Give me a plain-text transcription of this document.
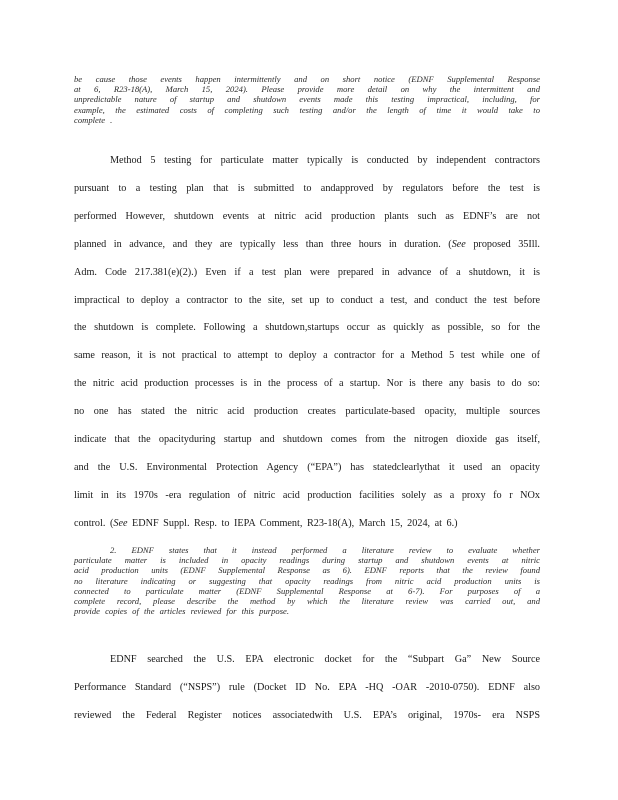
be cause those events happen intermittently and on short notice (EDNF Supplemental Response
at 6, R23-18(A), March 15, 2024). Please provide more detail on why the intermittent and
unpredictable nature of startup and shutdown events made this testing impractical, including, for
example, the estimated costs of completing such testing and/or the length of time it would take to
complete .
Method 5 testing for particulate matter typically is conducted by independent contractors
pursuant to a testing plan that is submitted to andapproved by regulators before the test is
performed However, shutdown events at nitric acid production plants such as EDNF’s are not
planned in advance, and they are typically less than three hours in duration. (See proposed 35Ill.
Adm. Code 217.381(e)(2).) Even if a test plan were prepared in advance of a shutdown, it is
impractical to deploy a contractor to the site, set up to conduct a test, and conduct the test before
the shutdown is complete. Following a shutdown,startups occur as quickly as possible, so for the
same reason, it is not practical to attempt to deploy a contractor for a Method 5 test while one of
the nitric acid production processes is in the process of a startup. Nor is there any basis to do so:
no one has stated the nitric acid production creates particulate-based opacity, multiple sources
indicate that the opacityduring startup and shutdown comes from the nitrogen dioxide gas itself,
and the U.S. Environmental Protection Agency (“EPA”) has statedclearlythat it used an opacity
limit in its 1970s -era regulation of nitric acid production facilities solely as a proxy fo r NOx
control. (See EDNF Suppl. Resp. to IEPA Comment, R23-18(A), March 15, 2024, at 6.)
2. EDNF states that it instead performed a literature review to evaluate whether
particulate matter is included in opacity readings during startup and shutdown events at nitric
acid production units (EDNF Supplemental Response as 6). EDNF reports that the review found
no literature indicating or suggesting that opacity readings from nitric acid production units is
connected to particulate matter (EDNF Supplemental Response at 6-7). For purposes of a
complete record, please describe the method by which the literature review was carried out, and
provide copies of the articles reviewed for this purpose.
EDNF searched the U.S. EPA electronic docket for the “Subpart Ga” New Source
Performance Standard (“NSPS”) rule (Docket ID No. EPA -HQ -OAR -2010-0750). EDNF also
reviewed the Federal Register notices associatedwith U.S. EPA’s original, 1970s- era NSPS
